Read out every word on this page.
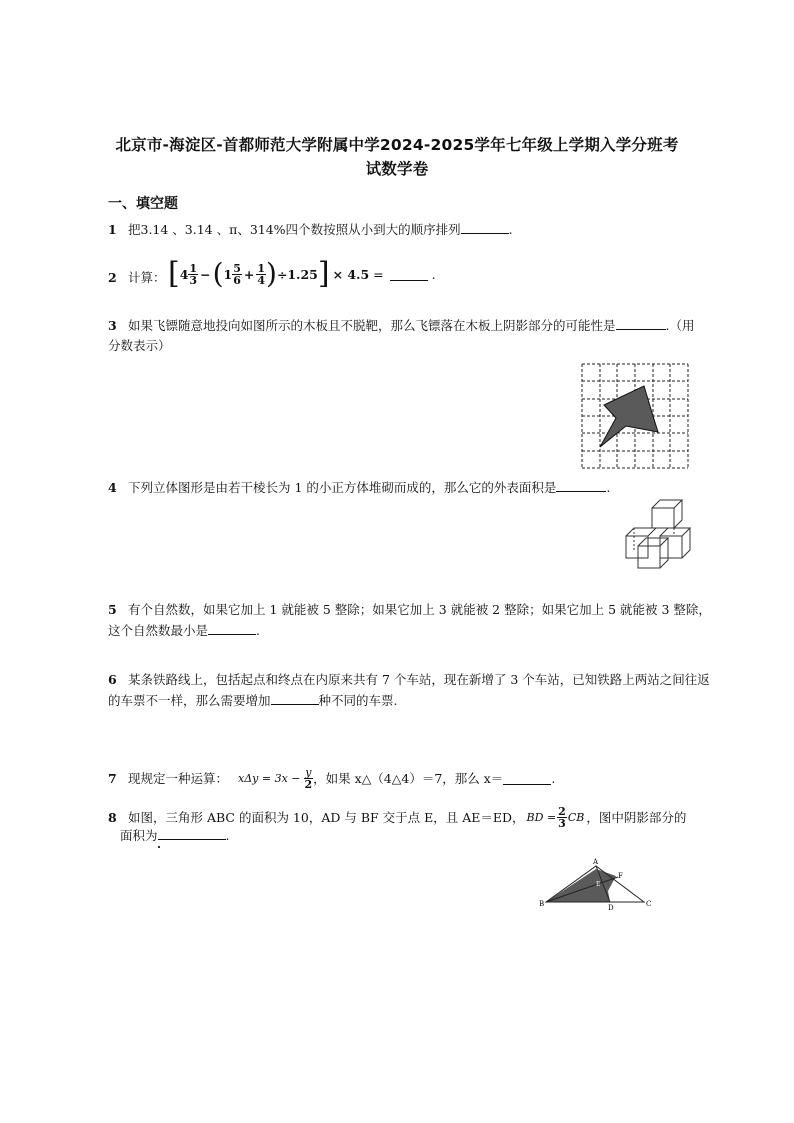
北京市-海淀区-首都师范大学附属中学2024-2025学年七年级上学期入学分班考
试数学卷
一、填空题
1 把3.14 、3.14̇ 、π、314%四个数按照从小到大的顺序排列	.
2 计算： [ $4 \frac{1}{3}$ − ( $1 \frac{5}{6} + \frac{1}{4}$ ) ÷1.25 ] × 4.5 =	.
3 如果飞镖随意地投向如图所示的木板且不脱靶，那么飞镖落在木板上阴影部分的可能性是	.（用
分数表示）
4 下列立体图形是由若干棱长为 1 的小正方体堆砌而成的，那么它的外表面积是	.
5 有个自然数，如果它加上 1 就能被 5 整除；如果它加上 3 就能被 2 整除；如果它加上 5 就能被 3 整除，
这个自然数最小是	.
6 某条铁路线上，包括起点和终点在内原来共有 7 个车站，现在新增了 3 个车站，已知铁路上两站之间往返
的车票不一样，那么需要增加	种不同的车票.
7 现规定一种运算： $x\Delta y = 3x - \frac{y}{2}$ ，如果 x△（4△4）＝7，那么 x＝	.
8 如图，三角形 ABC 的面积为 10，AD 与 BF 交于点 E，且 AE＝ED， BD = $\frac{2}{3}$ CB ，图中阴影部分的
面积为	.
A
B	C
D
E
F
